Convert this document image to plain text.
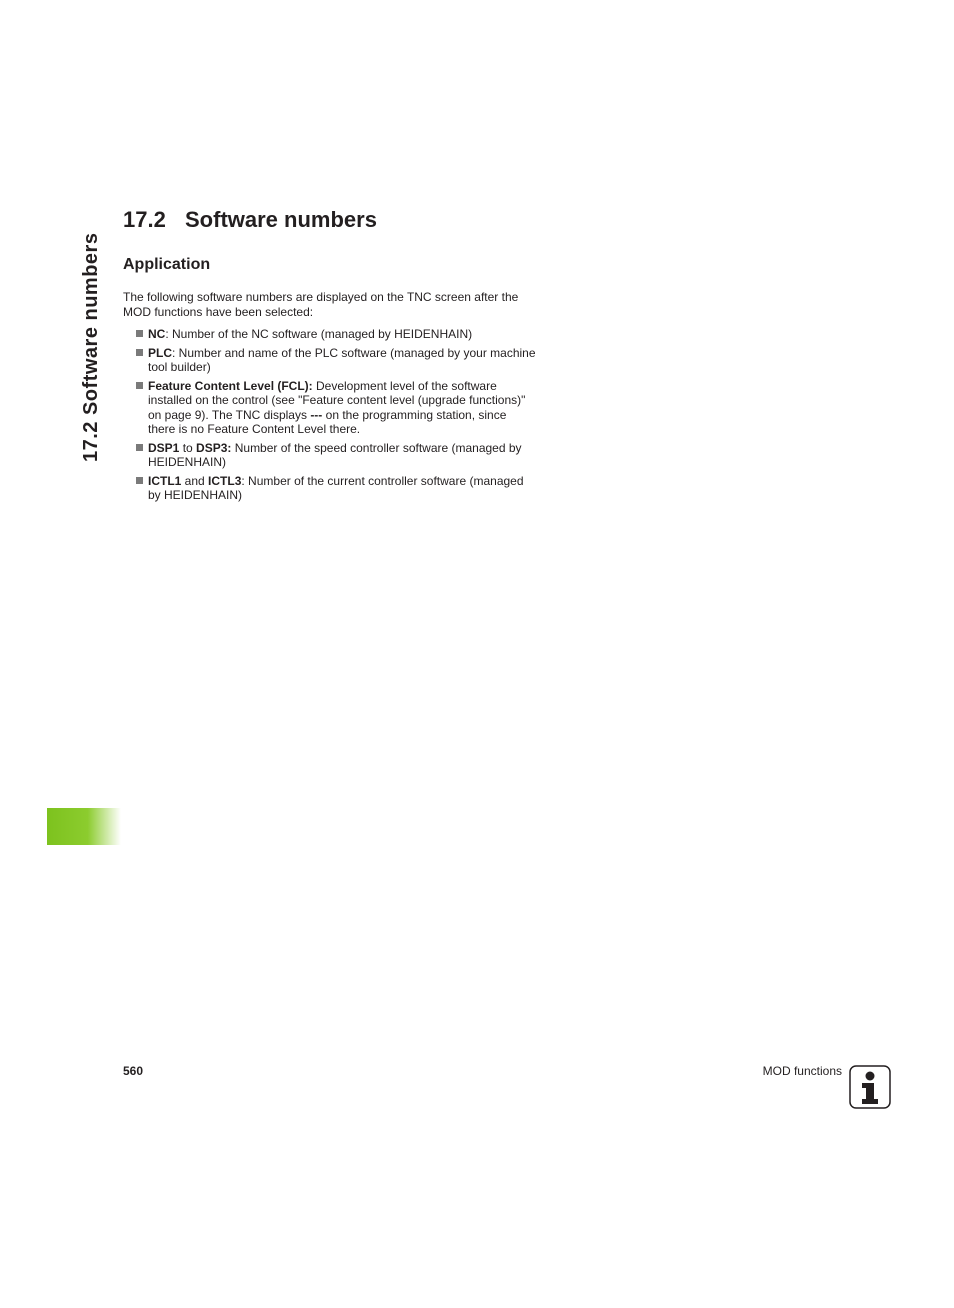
17.2 Software numbers
17.2 Software numbers
Application

The following software numbers are displayed on the TNC screen after the MOD functions have been selected:

NC: Number of the NC software (managed by HEIDENHAIN)
PLC: Number and name of the PLC software (managed by your machine tool builder)
Feature Content Level (FCL): Development level of the software installed on the control (see "Feature content level (upgrade functions)" on page 9). The TNC displays --- on the programming station, since there is no Feature Content Level there.
DSP1 to DSP3: Number of the speed controller software (managed by HEIDENHAIN)
ICTL1 and ICTL3: Number of the current controller software (managed by HEIDENHAIN)
560	MOD functions
